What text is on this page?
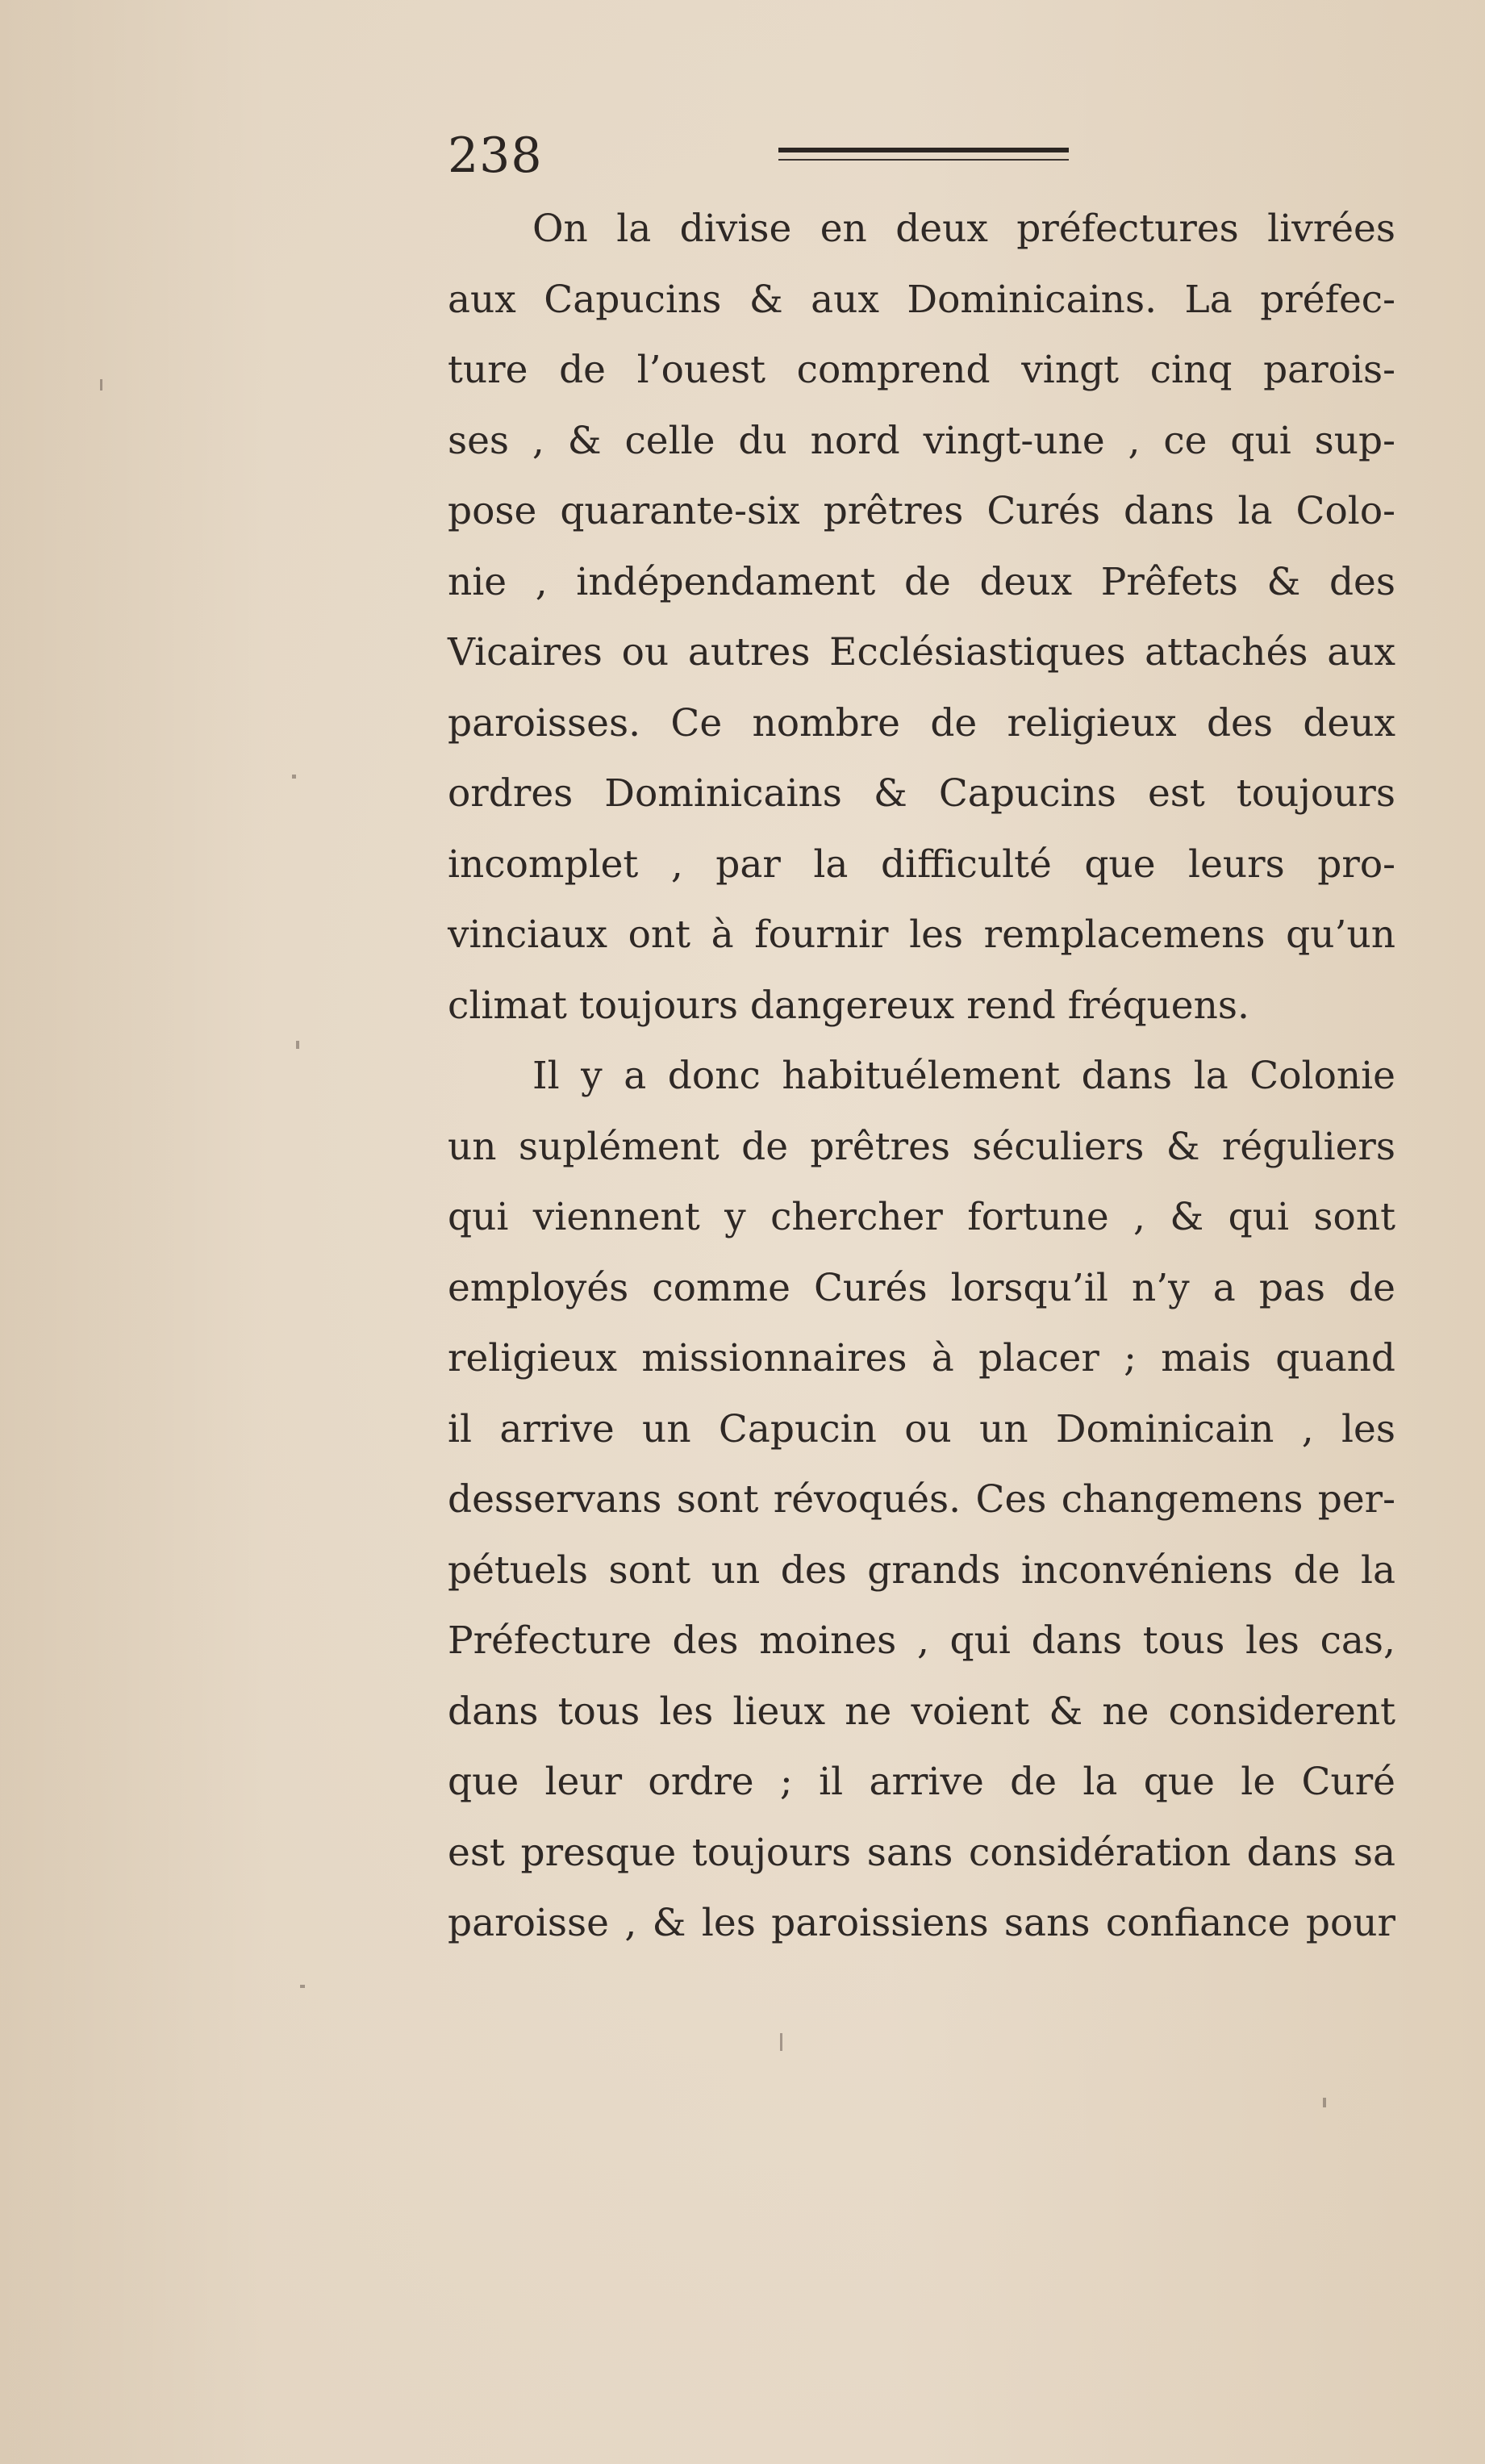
238
On la divise en deux préfectures livrées
aux Capucins & aux Dominicains. La préfec-
ture de l’ouest comprend vingt cinq parois-
ses , & celle du nord vingt-une , ce qui sup-
pose quarante-six prêtres Curés dans la Colo-
nie , indépendament de deux Prêfets & des
Vicaires ou autres Ecclésiastiques attachés aux
paroisses. Ce nombre de religieux des deux
ordres Dominicains & Capucins est toujours
incomplet , par la difficulté que leurs pro-
vinciaux ont à fournir les remplacemens qu’un
climat toujours dangereux rend fréquens.
Il y a donc habituélement dans la Colonie
un suplément de prêtres séculiers & réguliers
qui viennent y chercher fortune , & qui sont
employés comme Curés lorsqu’il n’y a pas de
religieux missionnaires à placer ; mais quand
il arrive un Capucin ou un Dominicain , les
desservans sont révoqués. Ces changemens per-
pétuels sont un des grands inconvéniens de la
Préfecture des moines , qui dans tous les cas,
dans tous les lieux ne voient & ne considerent
que leur ordre ; il arrive de la que le Curé
est presque toujours sans considération dans sa
paroisse , & les paroissiens sans confiance pour
